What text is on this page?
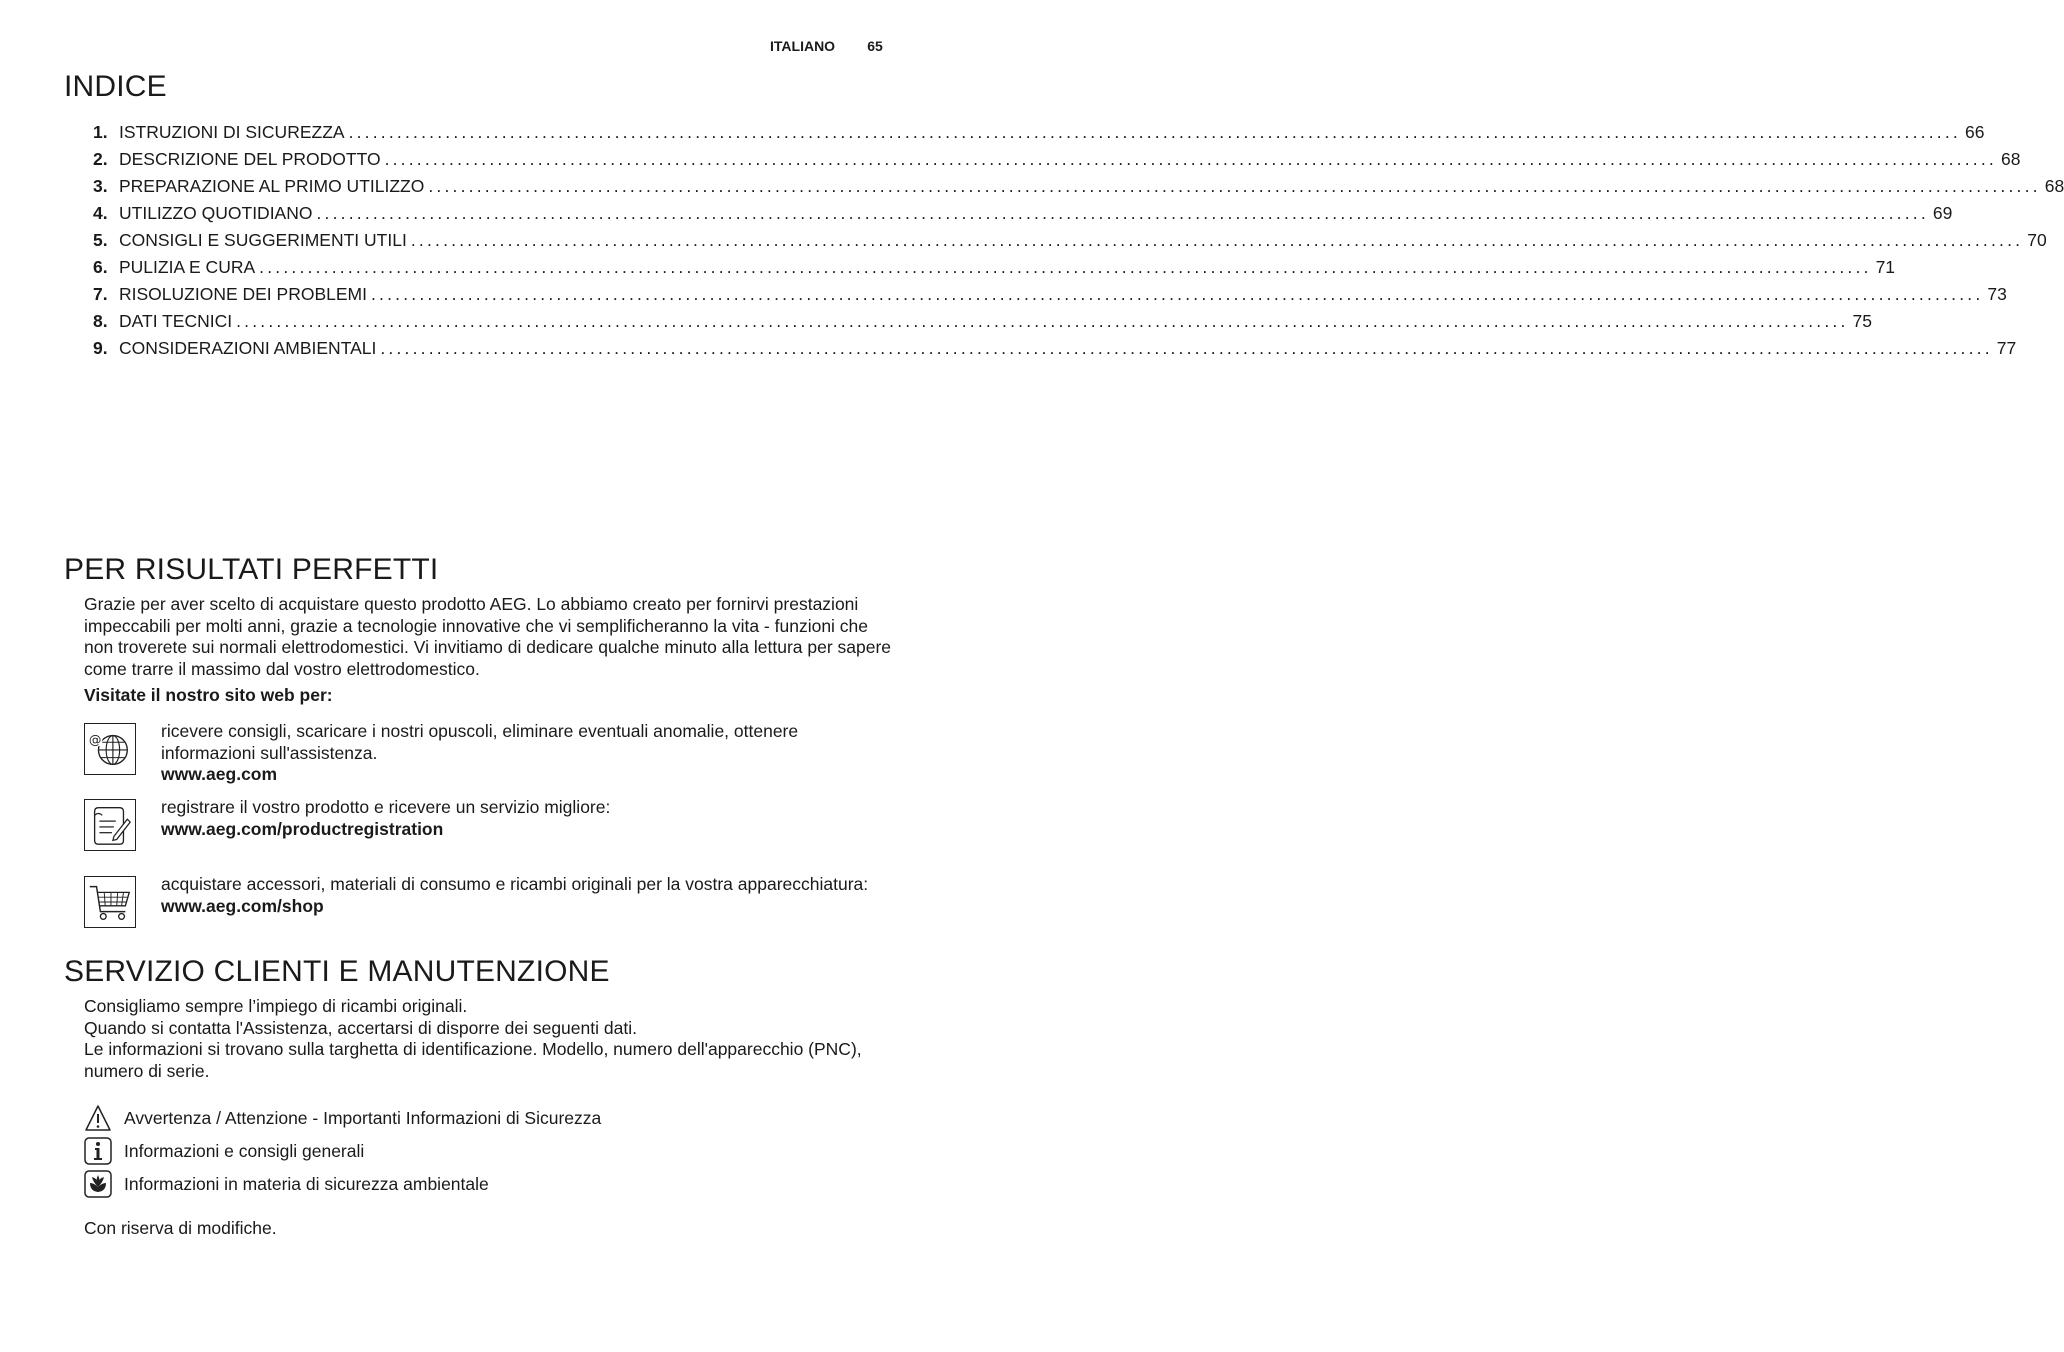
ITALIANO 65
INDICE
1. ISTRUZIONI DI SICUREZZA ........................................................................................................................................................................................................ 66
2. DESCRIZIONE DEL PRODOTTO ........................................................................................................................................................................................................ 68
3. PREPARAZIONE AL PRIMO UTILIZZO ........................................................................................................................................................................................................ 68
4. UTILIZZO QUOTIDIANO ........................................................................................................................................................................................................ 69
5. CONSIGLI E SUGGERIMENTI UTILI ........................................................................................................................................................................................................ 70
6. PULIZIA E CURA ........................................................................................................................................................................................................ 71
7. RISOLUZIONE DEI PROBLEMI ........................................................................................................................................................................................................ 73
8. DATI TECNICI ........................................................................................................................................................................................................ 75
9. CONSIDERAZIONI AMBIENTALI ........................................................................................................................................................................................................ 77
PER RISULTATI PERFETTI
Grazie per aver scelto di acquistare questo prodotto AEG. Lo abbiamo creato per fornirvi prestazioni impeccabili per molti anni, grazie a tecnologie innovative che vi semplificheranno la vita - funzioni che non troverete sui normali elettrodomestici. Vi invitiamo di dedicare qualche minuto alla lettura per sapere come trarre il massimo dal vostro elettrodomestico.
Visitate il nostro sito web per:
@	ricevere consigli, scaricare i nostri opuscoli, eliminare eventuali anomalie, ottenere informazioni sull'assistenza.
www.aeg.com
registrare il vostro prodotto e ricevere un servizio migliore:
www.aeg.com/productregistration
acquistare accessori, materiali di consumo e ricambi originali per la vostra apparecchiatura:
www.aeg.com/shop
SERVIZIO CLIENTI E MANUTENZIONE
Consigliamo sempre l’impiego di ricambi originali.
Quando si contatta l'Assistenza, accertarsi di disporre dei seguenti dati.
Le informazioni si trovano sulla targhetta di identificazione. Modello, numero dell'apparecchio (PNC), numero di serie.
Avvertenza / Attenzione - Importanti Informazioni di Sicurezza
Informazioni e consigli generali
Informazioni in materia di sicurezza ambientale
Con riserva di modifiche.
